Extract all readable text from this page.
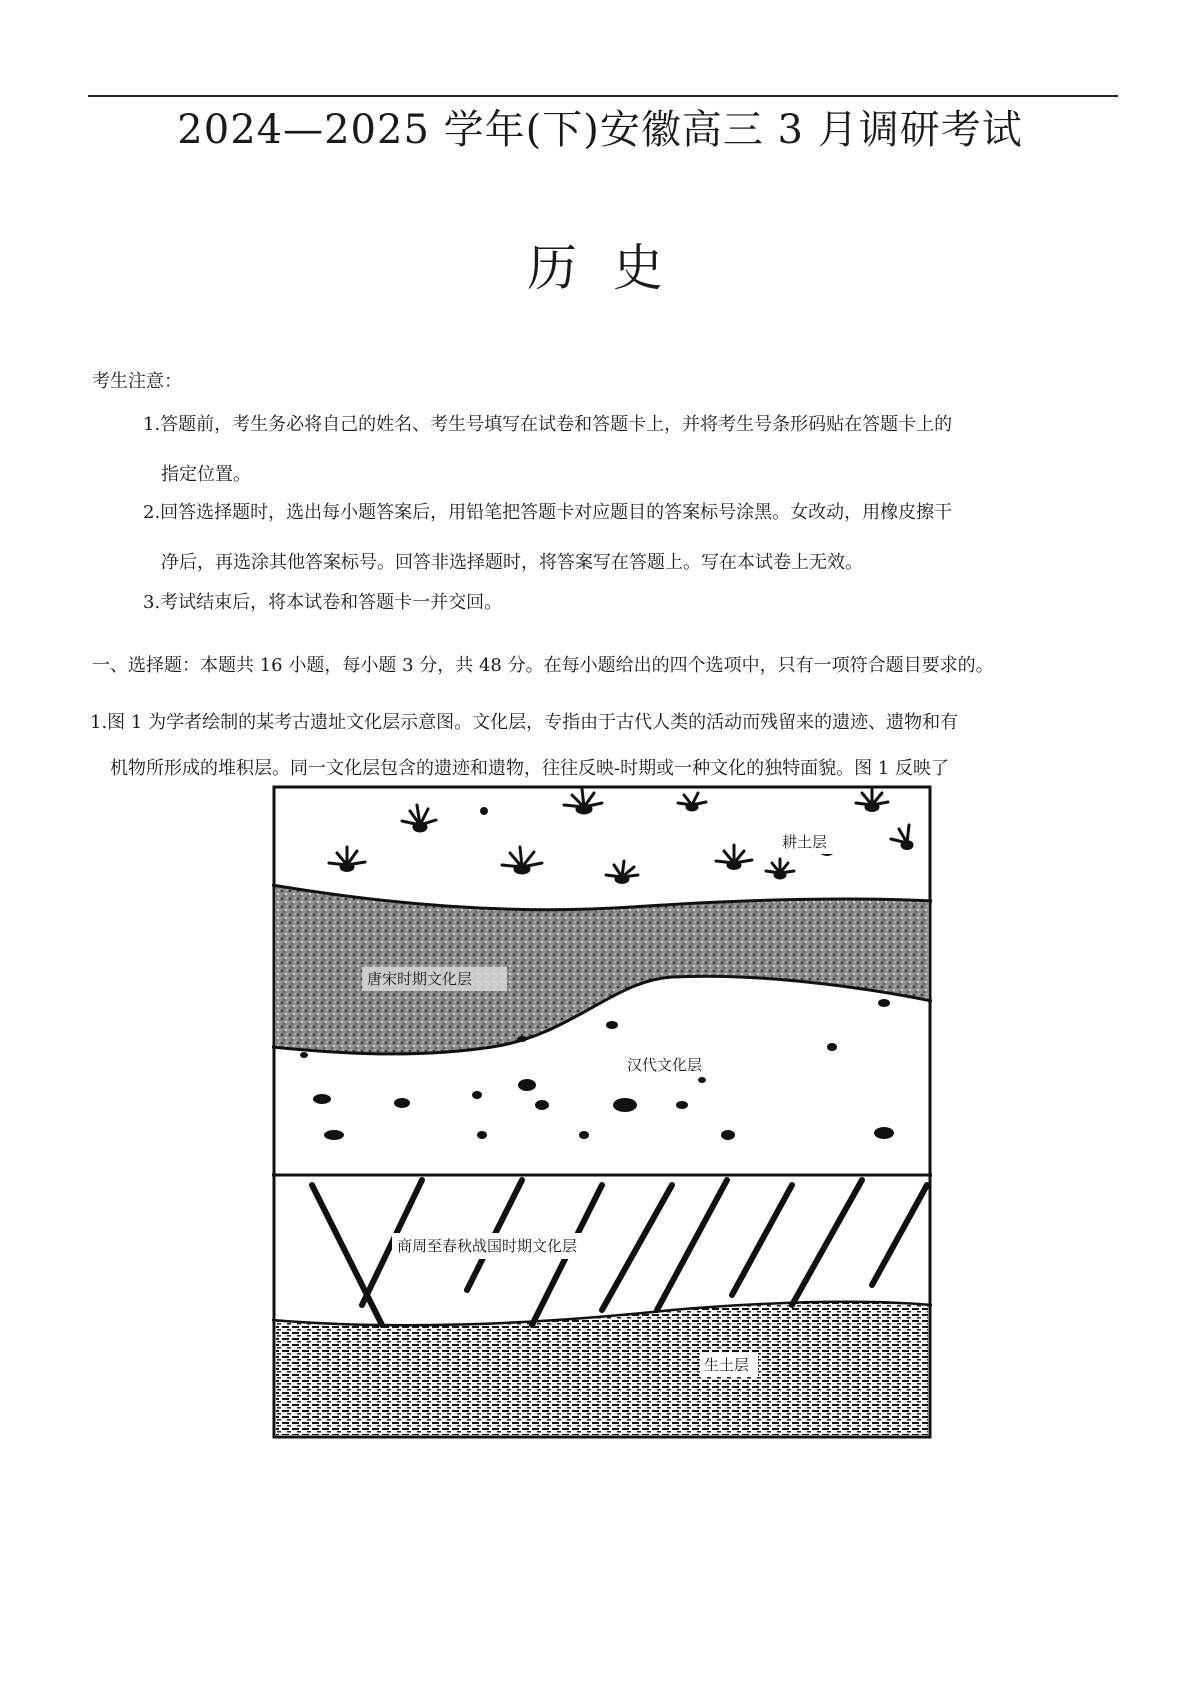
2024—2025 学年(下)安徽高三 3 月调研考试
历 史
考生注意：
1.答题前，考生务必将自己的姓名、考生号填写在试卷和答题卡上，并将考生号条形码贴在答题卡上的
指定位置。
2.回答选择题时，选出每小题答案后，用铅笔把答题卡对应题目的答案标号涂黑。女改动，用橡皮擦干
净后，再选涂其他答案标号。回答非选择题时，将答案写在答题上。写在本试卷上无效。
3.考试结束后，将本试卷和答题卡一并交回。
一、选择题：本题共 16 小题，每小题 3 分，共 48 分。在每小题给出的四个选项中，只有一项符合题目要求的。
1.图 1 为学者绘制的某考古遗址文化层示意图。文化层，专指由于古代人类的活动而残留来的遗迹、遗物和有
机物所形成的堆积层。同一文化层包含的遗迹和遗物，往往反映-时期或一种文化的独特面貌。图 1 反映了
耕土层
唐宋时期文化层
汉代文化层
商周至春秋战国时期文化层
生土层
